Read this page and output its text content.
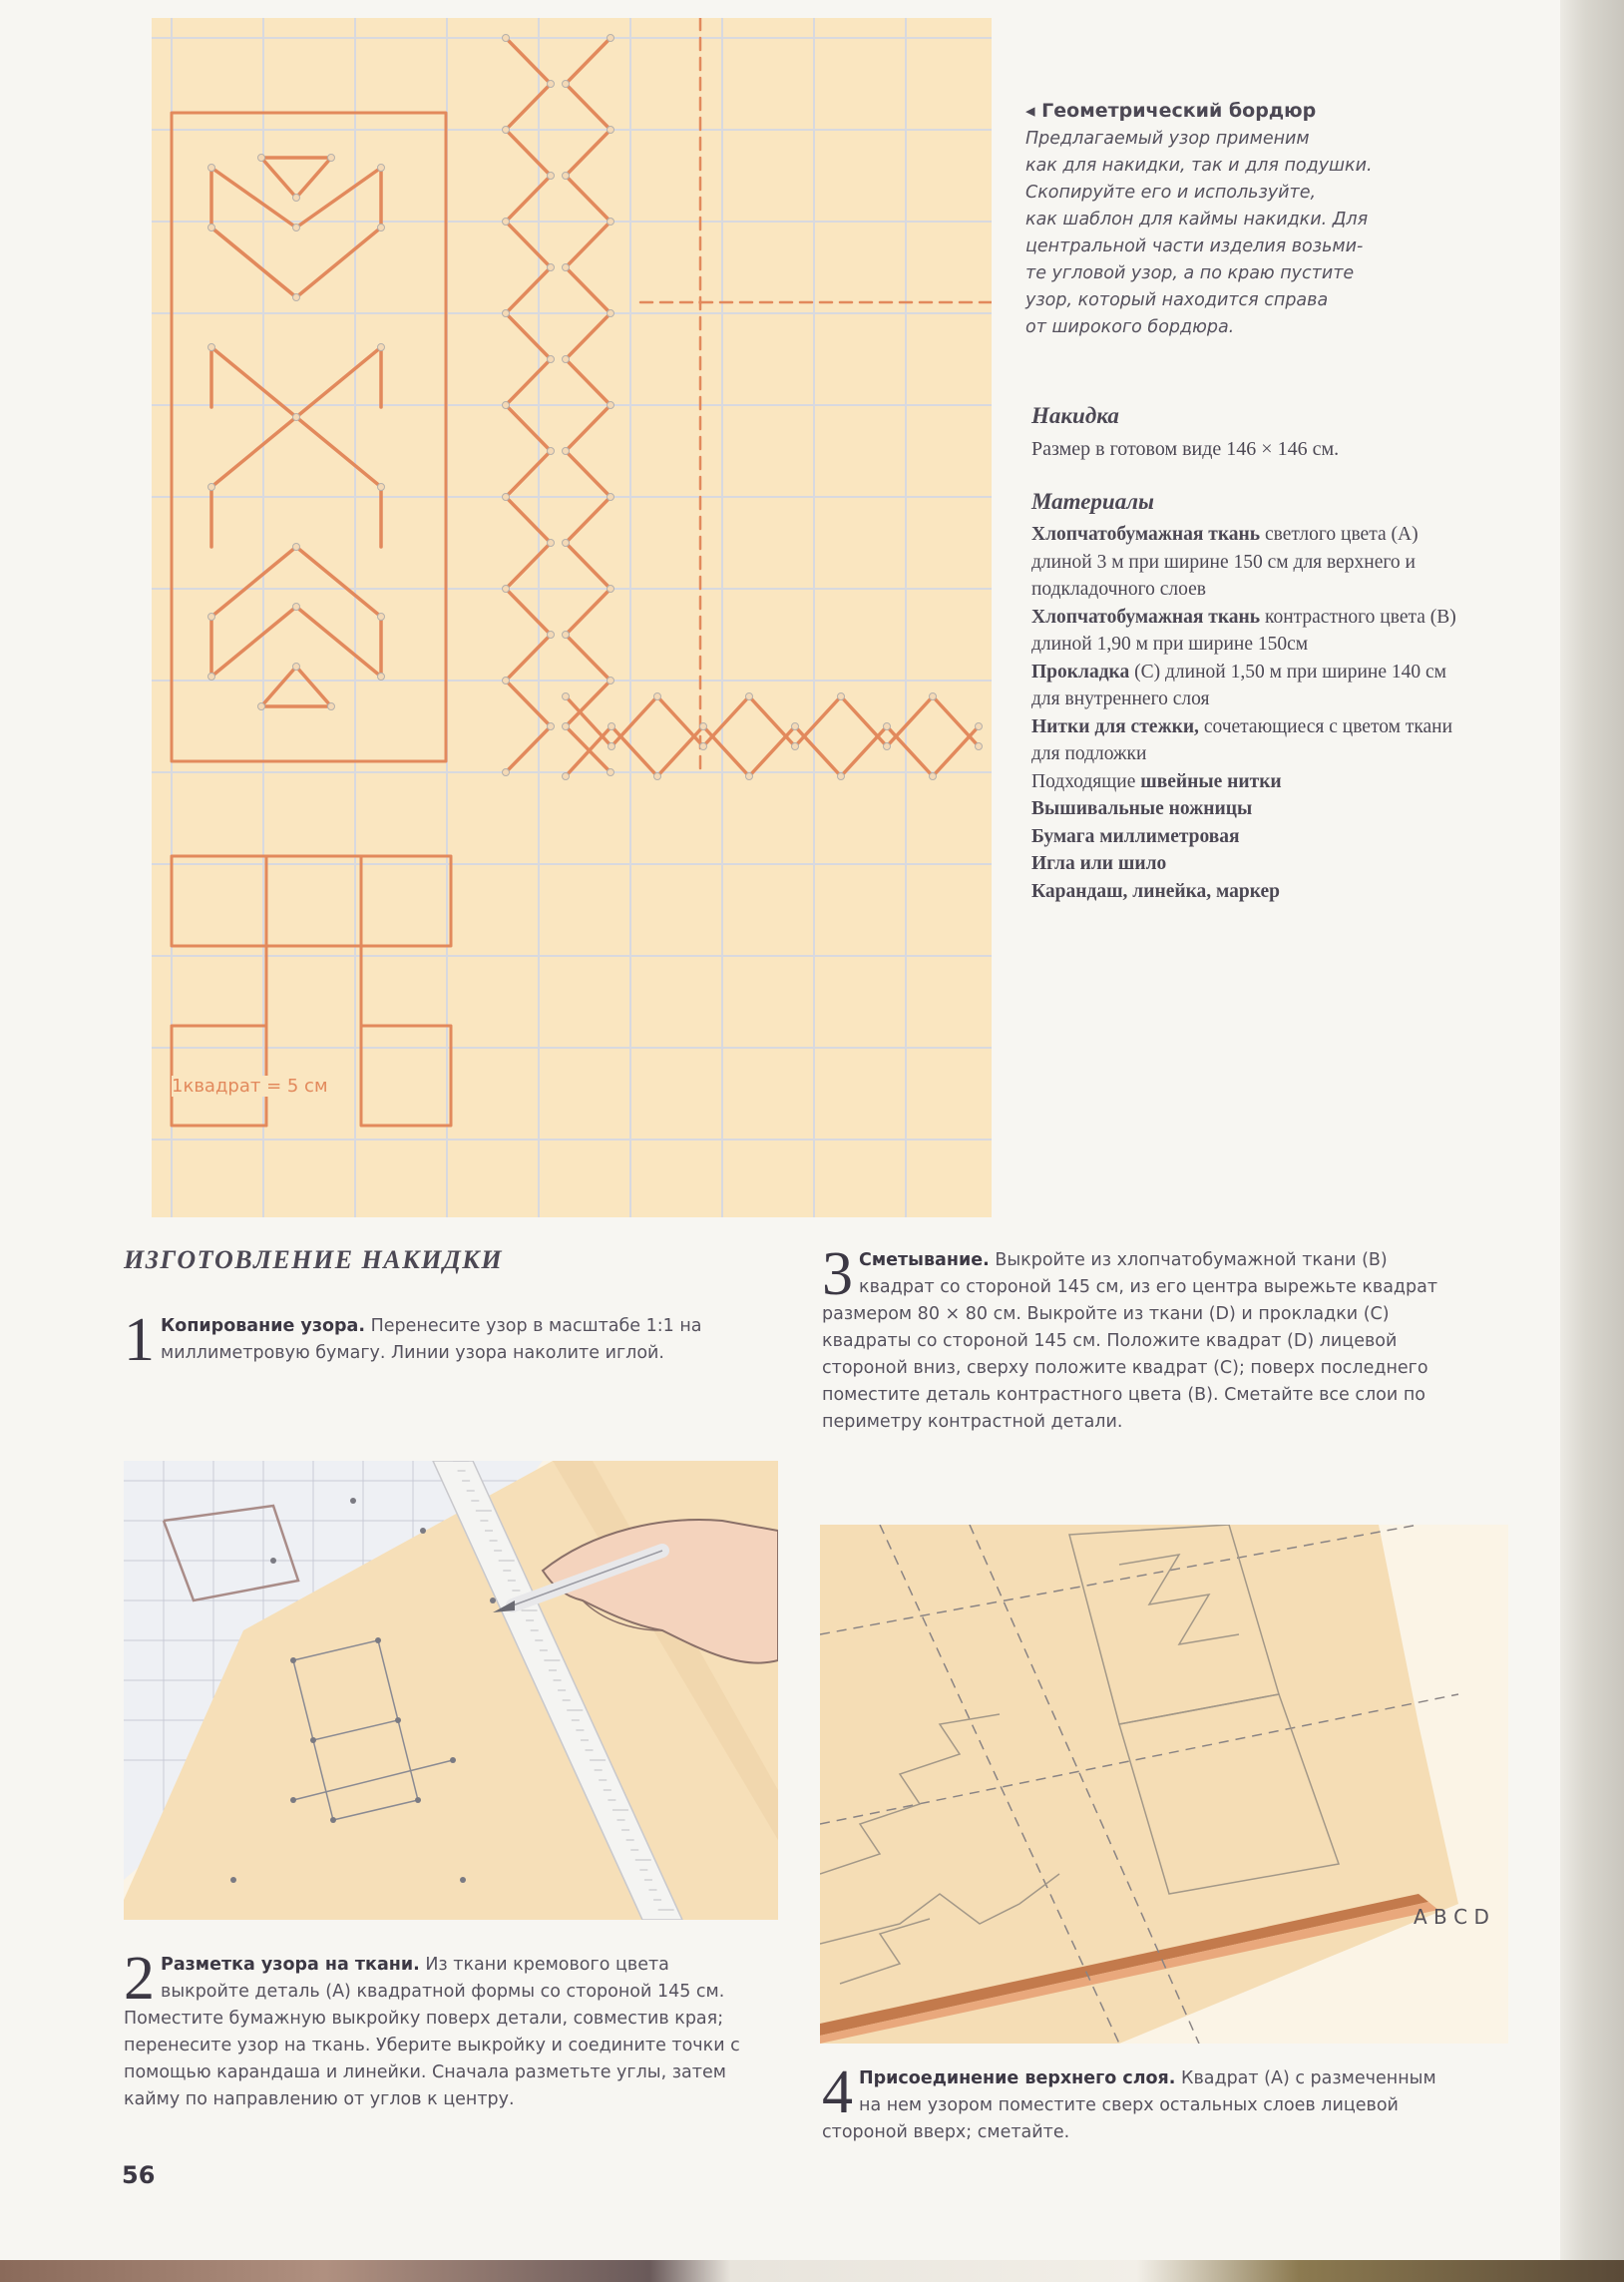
1квадрат = 5 см

◂ Геометрический бордюр

Предлагаемый узор применим
как для накидки, так и для подушки.
Скопируйте его и используйте,
как шаблон для каймы накидки. Для
центральной части изделия возьми-
те угловой узор, а по краю пустите
узор, который находится справа
от широкого бордюра.

Накидка

Размер в готовом виде 146 × 146 см.

Материалы
Хлопчатобумажная ткань светлого цвета (А) длиной 3 м при ширине 150 см для верхнего и подкладочного слоев
Хлопчатобумажная ткань контрастного цвета (В) длиной 1,90 м при ширине 150см
Прокладка (С) длиной 1,50 м при ширине 140 см для внутреннего слоя
Нитки для стежки, сочетающиеся с цветом ткани для подложки
Подходящие швейные нитки
Вышивальные ножницы
Бумага миллиметровая
Игла или шило
Карандаш, линейка, маркер
ИЗГОТОВЛЕНИЕ НАКИДКИ
1 Копирование узора. Перенесите узор в масштабе 1:1 на миллиметровую бумагу. Линии узора наколите иглой.
3 Сметывание. Выкройте из хлопчатобумажной ткани (В) квадрат со стороной 145 см, из его центра вырежьте квадрат размером 80 × 80 см. Выкройте из ткани (D) и прокладки (С) квадраты со стороной 145 см. Положите квадрат (D) лицевой стороной вниз, сверху положите квадрат (С); поверх последнего поместите деталь контрастного цвета (В). Сметайте все слои по периметру контрастной детали.
A B C D
2 Разметка узора на ткани. Из ткани кремового цвета выкройте деталь (А) квадратной формы со стороной 145 см. Поместите бумажную выкройку поверх детали, совместив края; перенесите узор на ткань. Уберите выкройку и соедините точки с помощью карандаша и линейки. Сначала разметьте углы, затем кайму по направлению от углов к центру.	4 Присоединение верхнего слоя. Квадрат (А) с размеченным на нем узором поместите сверх остальных слоев лицевой стороной вверх; сметайте.

56
